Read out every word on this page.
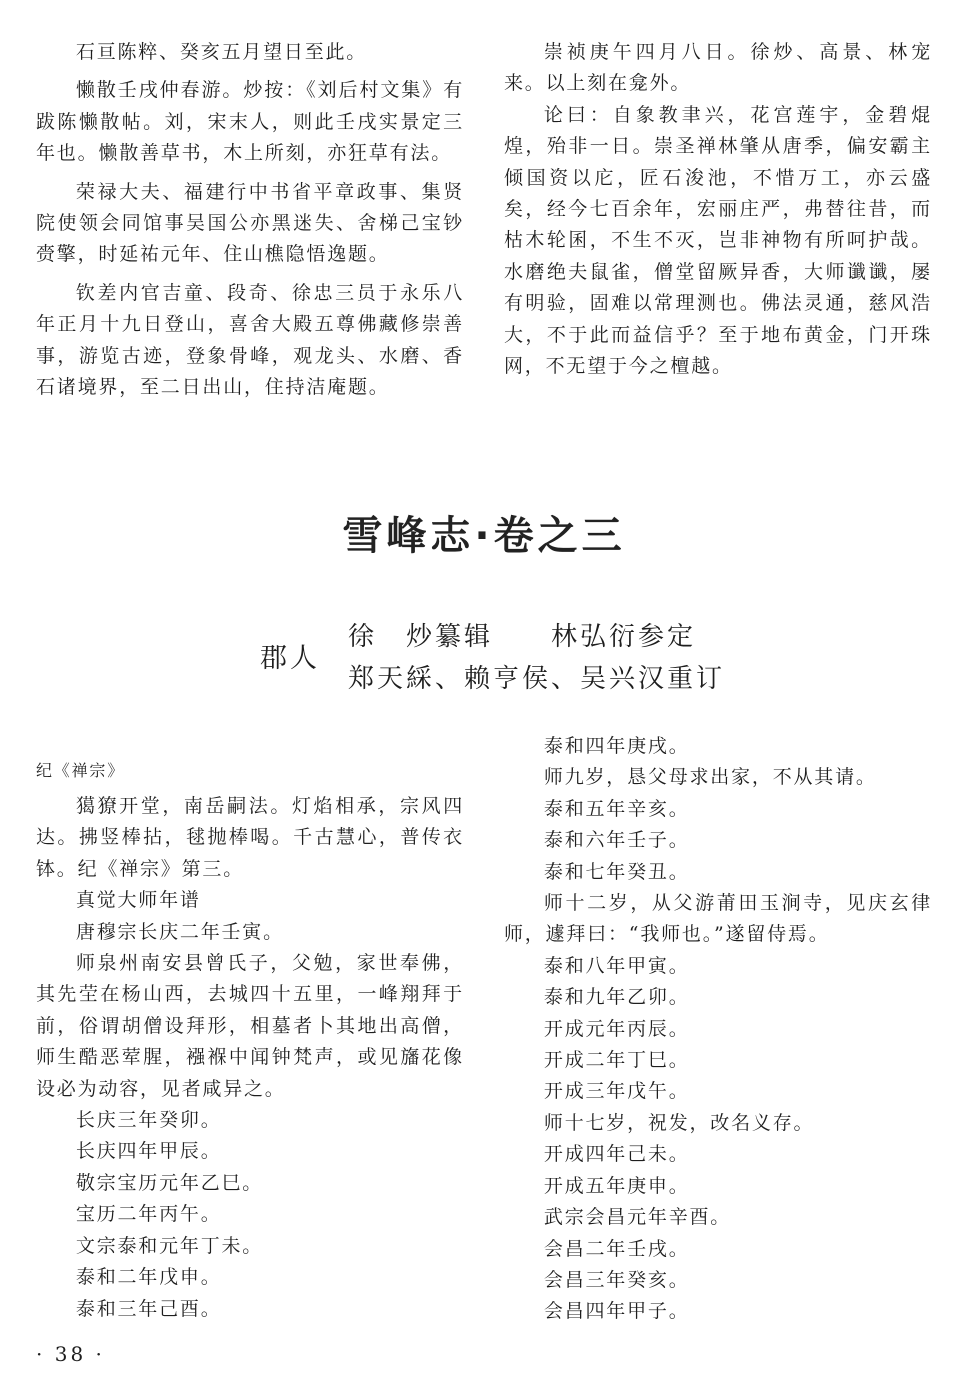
石亘陈粹、癸亥五月望日至此。

懒散壬戌仲春游。炒按：《刘后村文集》有跋陈懒散帖。刘，宋末人，则此壬戌实景定三年也。懒散善草书，木上所刻，亦狂草有法。

荣禄大夫、福建行中书省平章政事、集贤院使领会同馆事吴国公亦黑迷失、舍梯己宝钞赍擎，时延祐元年、住山樵隐悟逸题。

钦差内官吉童、段奇、徐忠三员于永乐八年正月十九日登山，喜舍大殿五尊佛藏修崇善事，游览古迹，登象骨峰，观龙头、水磨、香石诸境界，至二日出山，住持洁庵题。

崇祯庚午四月八日。徐炒、高景、林宠来。以上刻在龛外。

论曰：自象教聿兴，花宫莲宇，金碧焜煌，殆非一日。崇圣禅林肇从唐季，偏安霸主倾国资以庀，匠石浚池，不惜万工，亦云盛矣，经今七百余年，宏丽庄严，弗替往昔，而枯木轮囷，不生不灭，岂非神物有所呵护哉。水磨绝夫鼠雀，僧堂留厥异香，大师谶谶，屡有明验，固难以常理测也。佛法灵通，慈风浩大，不于此而益信乎？至于地布黄金，门开珠网，不无望于今之檀越。

雪峰志·卷之三
郡人
徐　炒纂辑　　林弘衍参定
郑天綵、赖亨侯、吴兴汉重订

纪《禅宗》

獦獠开堂，南岳嗣法。灯焰相承，宗风四达。拂竖棒拈，毬抛棒喝。千古慧心，普传衣钵。纪《禅宗》第三。

真觉大师年谱

唐穆宗长庆二年壬寅。

师泉州南安县曾氏子，父勉，家世奉佛，其先茔在杨山西，去城四十五里，一峰翔拜于前，俗谓胡僧设拜形，相墓者卜其地出高僧，师生酷恶荤腥，襁褓中闻钟梵声，或见旛花像设必为动容，见者咸异之。

长庆三年癸卯。

长庆四年甲辰。

敬宗宝历元年乙巳。

宝历二年丙午。

文宗泰和元年丁未。

泰和二年戊申。

泰和三年己酉。

泰和四年庚戌。

师九岁，恳父母求出家，不从其请。

泰和五年辛亥。

泰和六年壬子。

泰和七年癸丑。

师十二岁，从父游莆田玉涧寺，见庆玄律师，遽拜曰：“我师也。”遂留侍焉。

泰和八年甲寅。

泰和九年乙卯。

开成元年丙辰。

开成二年丁巳。

开成三年戊午。

师十七岁，祝发，改名义存。

开成四年己未。

开成五年庚申。

武宗会昌元年辛酉。

会昌二年壬戌。

会昌三年癸亥。

会昌四年甲子。

· 38 ·
